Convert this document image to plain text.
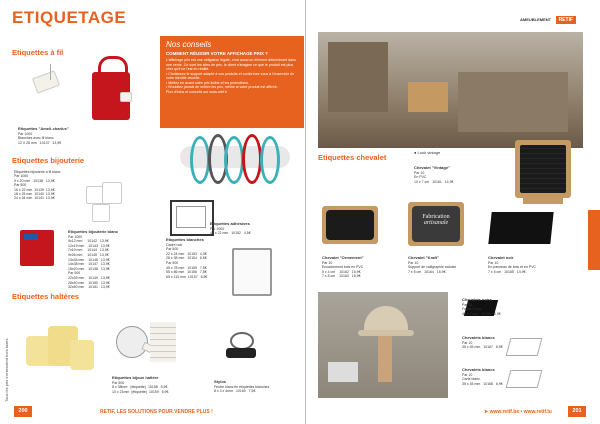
ETIQUETAGE
Etiquettes à fil
Etiquettes "Ameli-charlus"
Par 1000
Blanches avec fil blanc
12 X 28 mm   10137   13,9€
Nos conseils
COMMENT RÉUSSIR VOTRE AFFICHAGE PRIX ?
L'affichage prix est une obligation légale, c'est aussi un élément déterminant dans une vente. Ce sont les sites de prix, le client s'imagine ce que le produit est plus cher qu'il ne l'est en réalité.
• Choisissez le support adapté à vos produits et conformez vous à l'ensemble de votre identité visuelle.
• Mettez en avant votre prix lisible et les promotions.
• N'oubliez jamais de mettre les prix, même si votre produit est affiché.
Plus d'infos et conseils sur www.retif.fr
Etiquettes bijouterie
Etiquettes bijouterie à fil blanc
Par 1000
9 x 20 mm   10138   13,9€
Par 500
16 x 22 mm  10139  13,9€
18 x 25 mm  10140  13,9€
24 x 34 mm  10141  13,9€
Etiquettes bijouterie blanc
Par 1000
9x12 mm     10142   13,9€
12x19 mm    10143   13,9€
7x19 mm     10144   13,9€
9x26 mm     10145   13,9€
13x34 mm    10146   13,9€
14x38 mm    10147   13,9€
15x20 mm    10148   13,9€
Par 500
22x39 mm    10149   13,9€
26x40 mm    10150   13,9€
32x50 mm    10151   13,9€
Etiquettes adhésives
Par 1000
40 x 22 mm   10152   4,5€
Etiquettes blanches
Cadre noir
Par 500
22 x 24 mm   10153   4,3€
28 x 38 mm   10154   6,5€
Par 500
45 x 78 mm   10155   7,5€
55 x 86 mm   10156   7,8€
65 x 110 mm  10157   8,5€
Etiquettes haltères
Etiquettes bijoux haltère
Par 500
8 x 38mm   (étiquette)  10158   5,9€
10 x 21mm  (étiquette)  10159   5,9€
Stylos
Feutre blanc fin étiquettes blanches
8 x 3 x 4mm   10160   7,5€
Tous les prix s'entendent hors taxes
200	RETIF, LES SOLUTIONS POUR VENDRE PLUS !
AMEUBLEMENT RETIF
Etiquettes chevalet
● Look vintage
Chevalet "Vintage"
Par 10
En PVC
10 x 7 cm   10161   14,9€
Fabrication
artisanale
Chevalet "Ormement"
Par 10
Encadrement bois en PVC
5 x 4 cm    10162   15,9€
7 x 5 cm    10163   15,9€
Chevalet "Kraft"
Par 10
Support de calligraphie ardoise
7 x 5 cm   10164   15,9€
Chevalet noir
Par 10
En panneau de bois et en PVC
7 x 5 cm   10165   14,9€
Chevalets noirs
Par 25
Faible 20 kg
40 x 7 mm   10166   6,9€
Chevalets blancs
Par 10
35 x 45 mm   10167   6,9€
Chevalets blancs
Par 10
Carte blanc
35 x 45 mm   10168   6,9€
➤ www.retif.be • www.retif.lu	201
